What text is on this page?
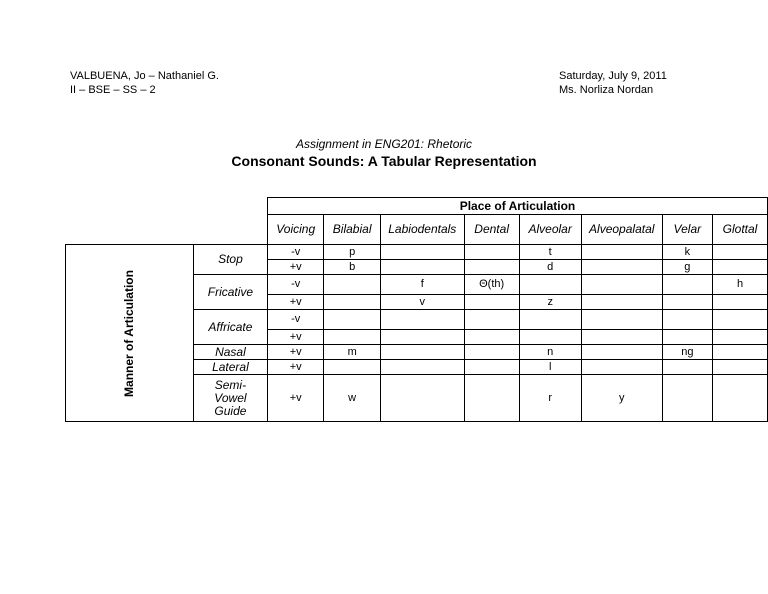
VALBUENA, Jo – Nathaniel G.
II – BSE – SS – 2
Saturday, July 9, 2011
Ms. Norliza Nordan
Assignment in ENG201: Rhetoric
Consonant Sounds: A Tabular Representation
		Place of Articulation							
		Voicing	Bilabial	Labiodentals	Dental	Alveolar	Alveopalatal	Velar	Glottal

Manner of Articulation	Stop	-v	p			t		k	
		+v	b			d		g	
	Fricative	-v		f	Θ(th)				h
		+v		v		z			
	Affricate	-v							
		+v							
	Nasal	+v	m			n		ng	
	Lateral	+v				l			

	Semi-
Vowel
Guide	+v	w			r	y		
